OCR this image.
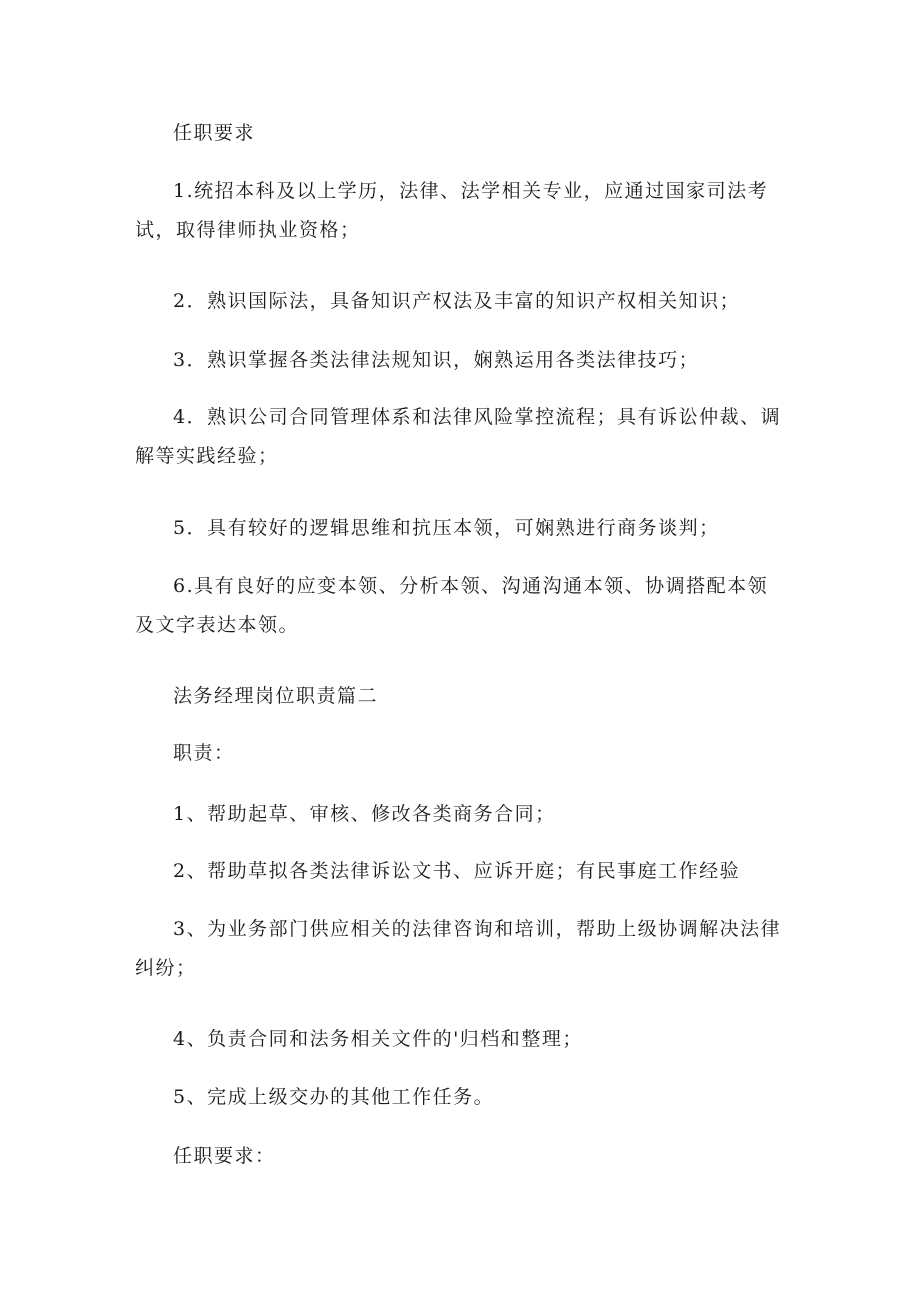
任职要求

1.统招本科及以上学历，法律、法学相关专业，应通过国家司法考试，取得律师执业资格；

2．熟识国际法，具备知识产权法及丰富的知识产权相关知识；

3．熟识掌握各类法律法规知识，娴熟运用各类法律技巧；

4．熟识公司合同管理体系和法律风险掌控流程；具有诉讼仲裁、调解等实践经验；

5．具有较好的逻辑思维和抗压本领，可娴熟进行商务谈判；

6.具有良好的应变本领、分析本领、沟通沟通本领、协调搭配本领及文字表达本领。

法务经理岗位职责篇二

职责：

1、帮助起草、审核、修改各类商务合同；

2、帮助草拟各类法律诉讼文书、应诉开庭；有民事庭工作经验

3、为业务部门供应相关的法律咨询和培训，帮助上级协调解决法律纠纷；

4、负责合同和法务相关文件的'归档和整理；

5、完成上级交办的其他工作任务。

任职要求：
